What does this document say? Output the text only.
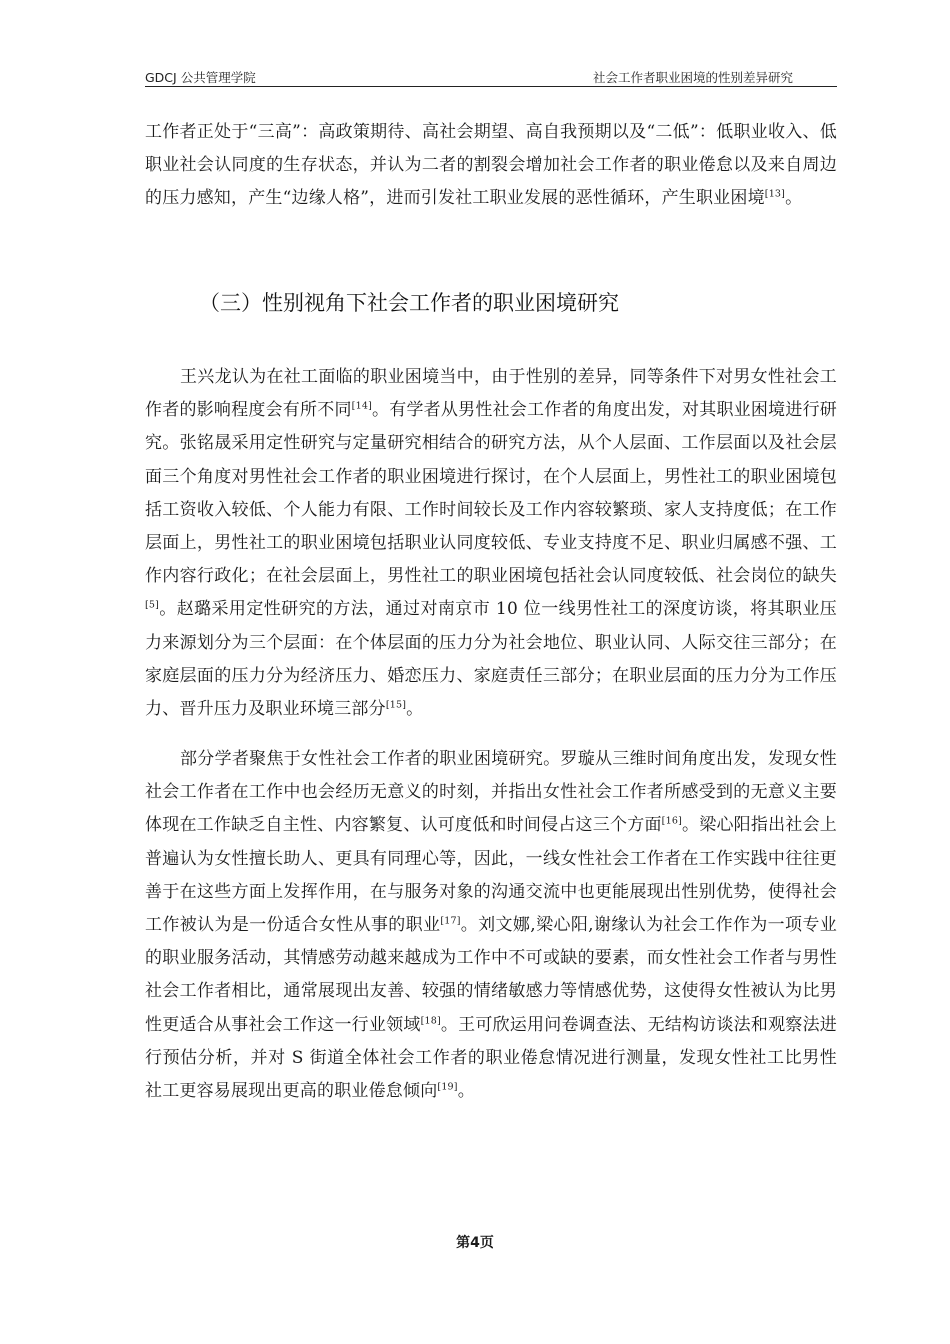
GDCJ 公共管理学院	社会工作者职业困境的性别差异研究

工作者正处于“三高”：高政策期待、高社会期望、高自我预期以及“二低”：低职业收入、低职业社会认同度的生存状态，并认为二者的割裂会增加社会工作者的职业倦怠以及来自周边的压力感知，产生“边缘人格”，进而引发社工职业发展的恶性循环，产生职业困境[13]。

（三）性别视角下社会工作者的职业困境研究

王兴龙认为在社工面临的职业困境当中，由于性别的差异，同等条件下对男女性社会工作者的影响程度会有所不同[14]。有学者从男性社会工作者的角度出发，对其职业困境进行研究。张铭晟采用定性研究与定量研究相结合的研究方法，从个人层面、工作层面以及社会层面三个角度对男性社会工作者的职业困境进行探讨，在个人层面上，男性社工的职业困境包括工资收入较低、个人能力有限、工作时间较长及工作内容较繁琐、家人支持度低；在工作层面上，男性社工的职业困境包括职业认同度较低、专业支持度不足、职业归属感不强、工作内容行政化；在社会层面上，男性社工的职业困境包括社会认同度较低、社会岗位的缺失[5]。赵璐采用定性研究的方法，通过对南京市 10 位一线男性社工的深度访谈，将其职业压力来源划分为三个层面：在个体层面的压力分为社会地位、职业认同、人际交往三部分；在家庭层面的压力分为经济压力、婚恋压力、家庭责任三部分；在职业层面的压力分为工作压力、晋升压力及职业环境三部分[15]。

部分学者聚焦于女性社会工作者的职业困境研究。罗璇从三维时间角度出发，发现女性社会工作者在工作中也会经历无意义的时刻，并指出女性社会工作者所感受到的无意义主要体现在工作缺乏自主性、内容繁复、认可度低和时间侵占这三个方面[16]。梁心阳指出社会上普遍认为女性擅长助人、更具有同理心等，因此，一线女性社会工作者在工作实践中往往更善于在这些方面上发挥作用，在与服务对象的沟通交流中也更能展现出性别优势，使得社会工作被认为是一份适合女性从事的职业[17]。刘文娜,梁心阳,谢缘认为社会工作作为一项专业的职业服务活动，其情感劳动越来越成为工作中不可或缺的要素，而女性社会工作者与男性社会工作者相比，通常展现出友善、较强的情绪敏感力等情感优势，这使得女性被认为比男性更适合从事社会工作这一行业领域[18]。王可欣运用问卷调查法、无结构访谈法和观察法进行预估分析，并对 S 街道全体社会工作者的职业倦怠情况进行测量，发现女性社工比男性社工更容易展现出更高的职业倦怠倾向[19]。

第4页
